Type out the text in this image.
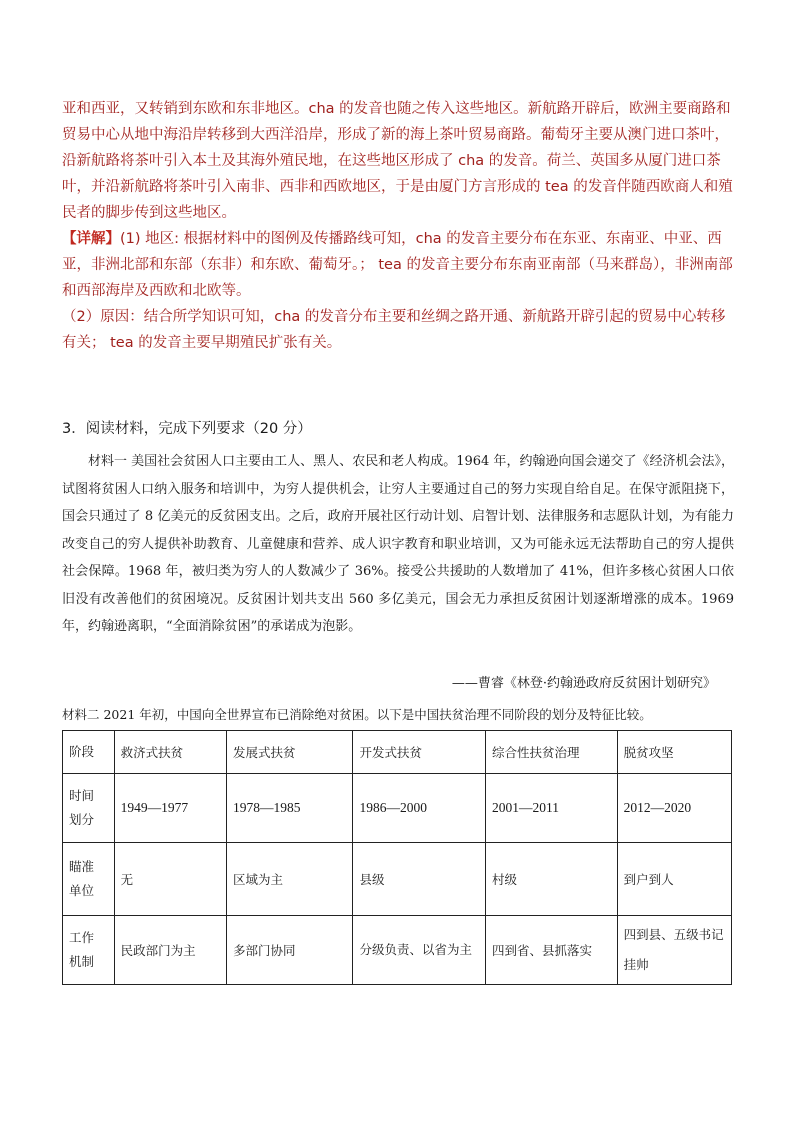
亚和西亚，又转销到东欧和东非地区。cha 的发音也随之传入这些地区。新航路开辟后，欧洲主要商路和贸易中心从地中海沿岸转移到大西洋沿岸，形成了新的海上茶叶贸易商路。葡萄牙主要从澳门进口茶叶，沿新航路将茶叶引入本土及其海外殖民地，在这些地区形成了 cha 的发音。荷兰、英国多从厦门进口茶叶，并沿新航路将茶叶引入南非、西非和西欧地区，于是由厦门方言形成的 tea 的发音伴随西欧商人和殖民者的脚步传到这些地区。

【详解】(1) 地区: 根据材料中的图例及传播路线可知，cha 的发音主要分布在东亚、东南亚、中亚、西亚，非洲北部和东部（东非）和东欧、葡萄牙。； tea 的发音主要分布东南亚南部（马来群岛），非洲南部和西部海岸及西欧和北欧等。

（2）原因：结合所学知识可知，cha 的发音分布主要和丝绸之路开通、新航路开辟引起的贸易中心转移有关； tea 的发音主要早期殖民扩张有关。

3．阅读材料，完成下列要求（20 分）
材料一 美国社会贫困人口主要由工人、黑人、农民和老人构成。1964 年，约翰逊向国会递交了《经济机会法》，试图将贫困人口纳入服务和培训中，为穷人提供机会，让穷人主要通过自己的努力实现自给自足。在保守派阻挠下，国会只通过了 8 亿美元的反贫困支出。之后，政府开展社区行动计划、启智计划、法律服务和志愿队计划，为有能力改变自己的穷人提供补助教育、儿童健康和营养、成人识字教育和职业培训，又为可能永远无法帮助自己的穷人提供社会保障。1968 年，被归类为穷人的人数减少了 36%。接受公共援助的人数增加了 41%，但许多核心贫困人口依旧没有改善他们的贫困境况。反贫困计划共支出 560 多亿美元，国会无力承担反贫困计划逐渐增涨的成本。1969 年，约翰逊离职，“全面消除贫困”的承诺成为泡影。
——曹睿《林登·约翰逊政府反贫困计划研究》
材料二 2021 年初，中国向全世界宣布已消除绝对贫困。以下是中国扶贫治理不同阶段的划分及特征比较。
阶段	救济式扶贫	发展式扶贫	开发式扶贫	综合性扶贫治理	脱贫攻坚
时间
划分	1949—1977	1978—1985	1986—2000	2001—2011	2012—2020
瞄准
单位	无	区域为主	县级	村级	到户到人
工作
机制	民政部门为主	多部门协同	分级负责、以省为主	四到省、县抓落实	四到县、五级书记挂帅
